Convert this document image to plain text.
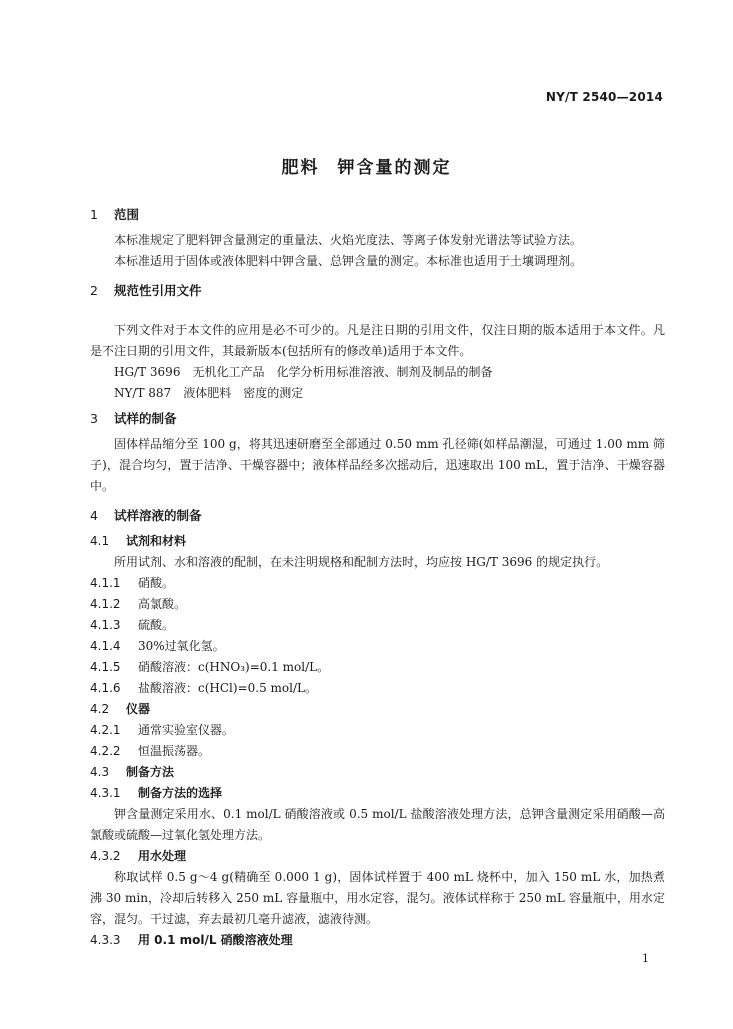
NY/T 2540—2014
肥料 钾含量的测定
1 范围

本标准规定了肥料钾含量测定的重量法、火焰光度法、等离子体发射光谱法等试验方法。

本标准适用于固体或液体肥料中钾含量、总钾含量的测定。本标准也适用于土壤调理剂。

2 规范性引用文件

下列文件对于本文件的应用是必不可少的。凡是注日期的引用文件，仅注日期的版本适用于本文件。凡是不注日期的引用文件，其最新版本(包括所有的修改单)适用于本文件。

HG/T 3696　无机化工产品　化学分析用标准溶液、制剂及制品的制备

NY/T 887　液体肥料　密度的测定

3 试样的制备

固体样品缩分至 100 g，将其迅速研磨至全部通过 0.50 mm 孔径筛(如样品潮湿，可通过 1.00 mm 筛子)，混合均匀，置于洁净、干燥容器中；液体样品经多次摇动后，迅速取出 100 mL，置于洁净、干燥容器中。

4 试样溶液的制备
4.1 试剂和材料

所用试剂、水和溶液的配制，在未注明规格和配制方法时，均应按 HG/T 3696 的规定执行。

4.1.1 硝酸。

4.1.2 高氯酸。

4.1.3 硫酸。

4.1.4 30%过氧化氢。

4.1.5 硝酸溶液：c(HNO₃)=0.1 mol/L。

4.1.6 盐酸溶液：c(HCl)=0.5 mol/L。

4.2 仪器

4.2.1 通常实验室仪器。

4.2.2 恒温振荡器。

4.3 制备方法
4.3.1 制备方法的选择

钾含量测定采用水、0.1 mol/L 硝酸溶液或 0.5 mol/L 盐酸溶液处理方法，总钾含量测定采用硝酸—高氯酸或硫酸—过氧化氢处理方法。

4.3.2 用水处理

称取试样 0.5 g～4 g(精确至 0.000 1 g)，固体试样置于 400 mL 烧杯中，加入 150 mL 水，加热煮沸 30 min，冷却后转移入 250 mL 容量瓶中，用水定容，混匀。液体试样称于 250 mL 容量瓶中，用水定容，混匀。干过滤，弃去最初几毫升滤液，滤液待测。

4.3.3 用 0.1 mol/L 硝酸溶液处理
1
